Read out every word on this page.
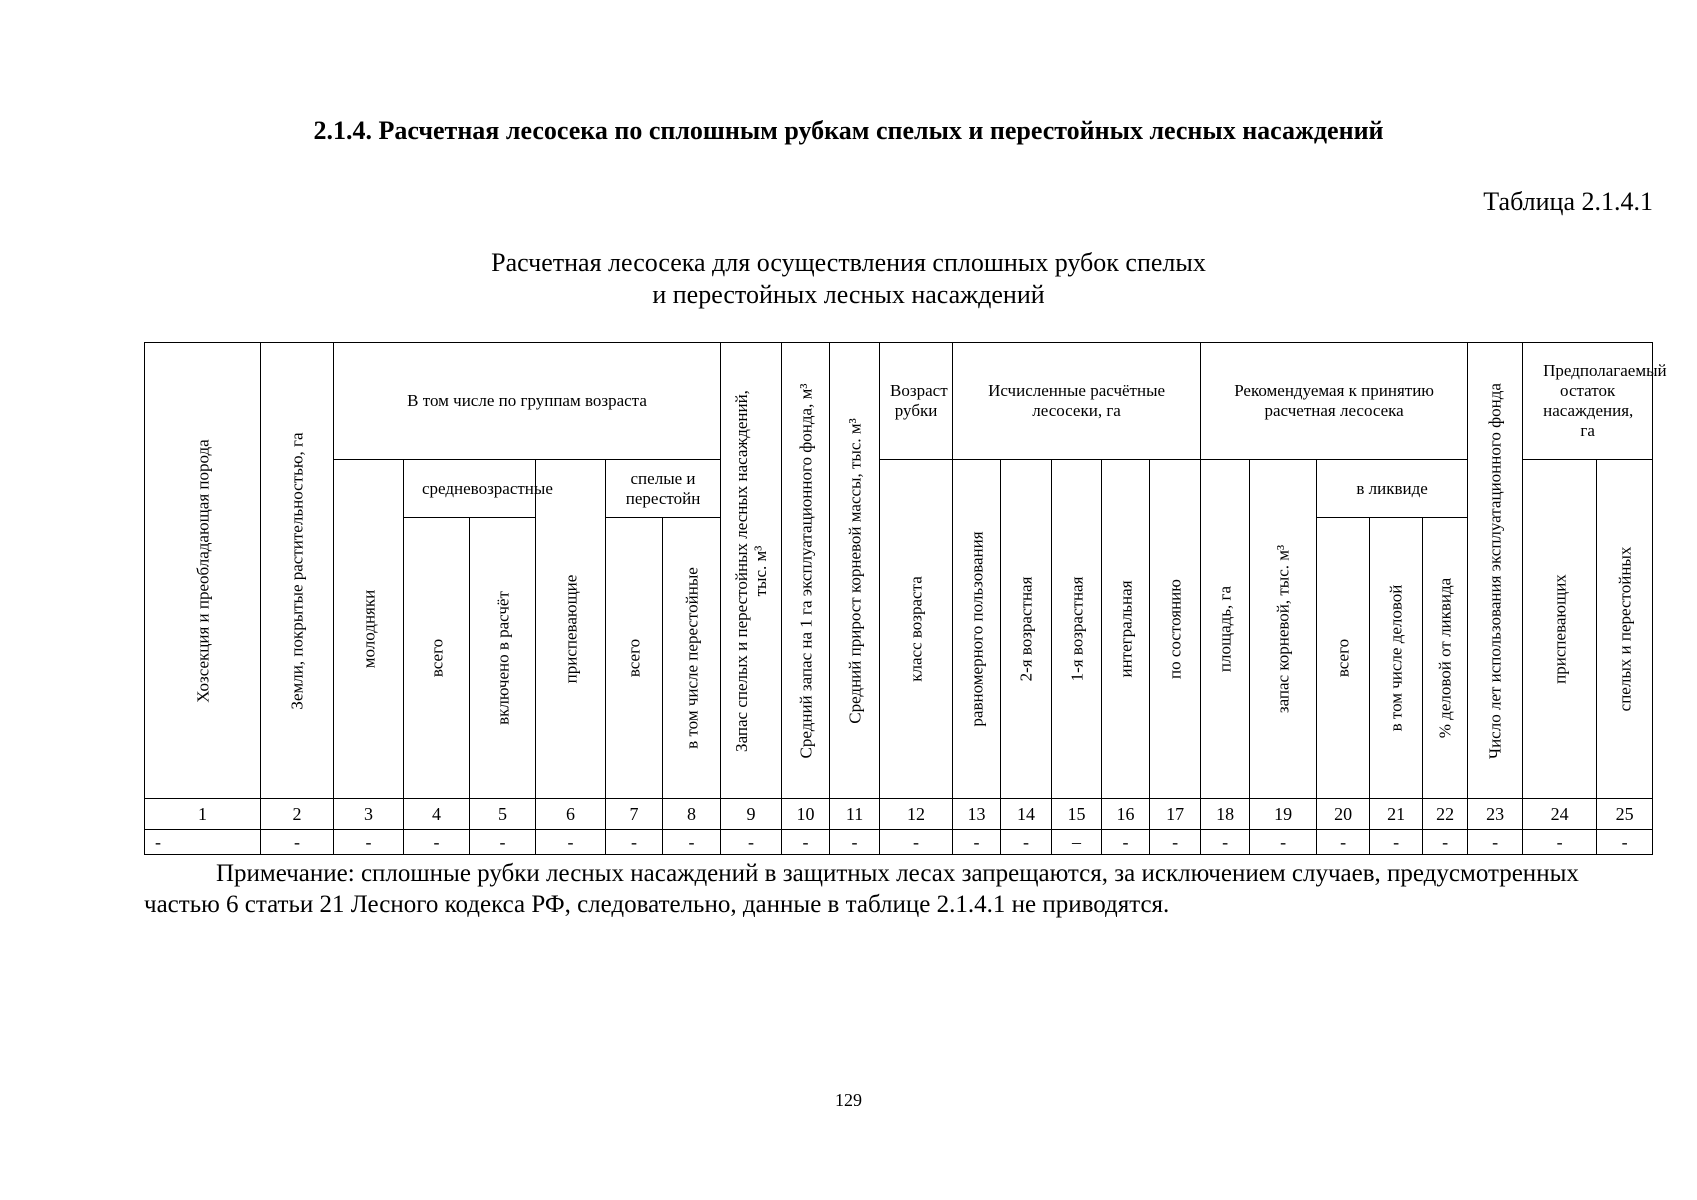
2.1.4. Расчетная лесосека по сплошным рубкам спелых и перестойных лесных насаждений
Таблица 2.1.4.1
Расчетная лесосека для осуществления сплошных рубок спелых
и перестойных лесных насаждений
Хозсекция и преобладающая порода	Земли, покрытые растительностью, га	В том числе по группам возраста						Запас спелых и перестойных лесных насаждений, тыс. м³	Средний запас на 1 га эксплуатационного фонда, м³	Средний прирост корневой массы, тыс. м³	Возраст рубки	Исчисленные расчётные лесосеки, га					Рекомендуемая к принятию расчетная лесосека					Число лет использования эксплуатационного фонда	Предполагаемый остаток насаждения, га	

		молодняки	средневозрастные		приспевающие	спелые и перестойн					класс возраста	равномерного пользования	2-я возрастная	1-я возрастная	интегральная	по состоянию	площадь, га	запас корневой, тыс. м³	в ликвиде				приспевающих	спелых и перестойных

			всего	включено в расчёт		всего	в том числе перестойные												всего	в том числе деловой	% деловой от ликвида			

1	2	3	4	5	6	7	8	9	10	11	12	13	14	15	16	17	18	19	20	21	22	23	24	25
-	-	-	-	-	-	-	-	-	-	-	-	-	-	–	-	-	-	-	-	-	-	-	-	-
Примечание: сплошные рубки лесных насаждений в защитных лесах запрещаются, за исключением случаев, предусмотренных частью 6 статьи 21 Лесного кодекса РФ, следовательно, данные в таблице 2.1.4.1 не приводятся.
129
